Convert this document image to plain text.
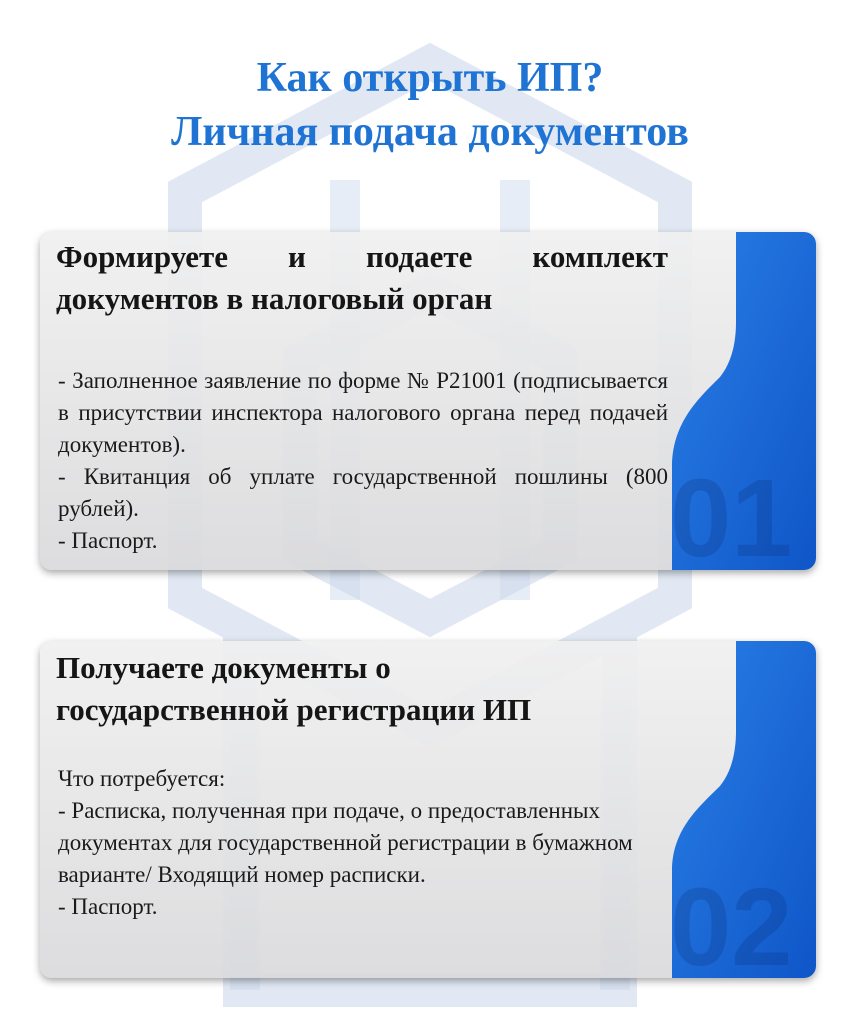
Как открыть ИП?
Личная подача документов
01
Формируете и подаете комплект
документов в налоговый орган
- Заполненное заявление по форме № Р21001 (подписывается в присутствии инспектора налогового органа перед подачей документов).
- Квитанция об уплате государственной пошлины (800 рублей).
- Паспорт.
02
Получаете документы о
государственной регистрации ИП
Что потребуется:
- Расписка, полученная при подаче, о предоставленных документах для государственной регистрации в бумажном варианте/ Входящий номер расписки.
- Паспорт.
